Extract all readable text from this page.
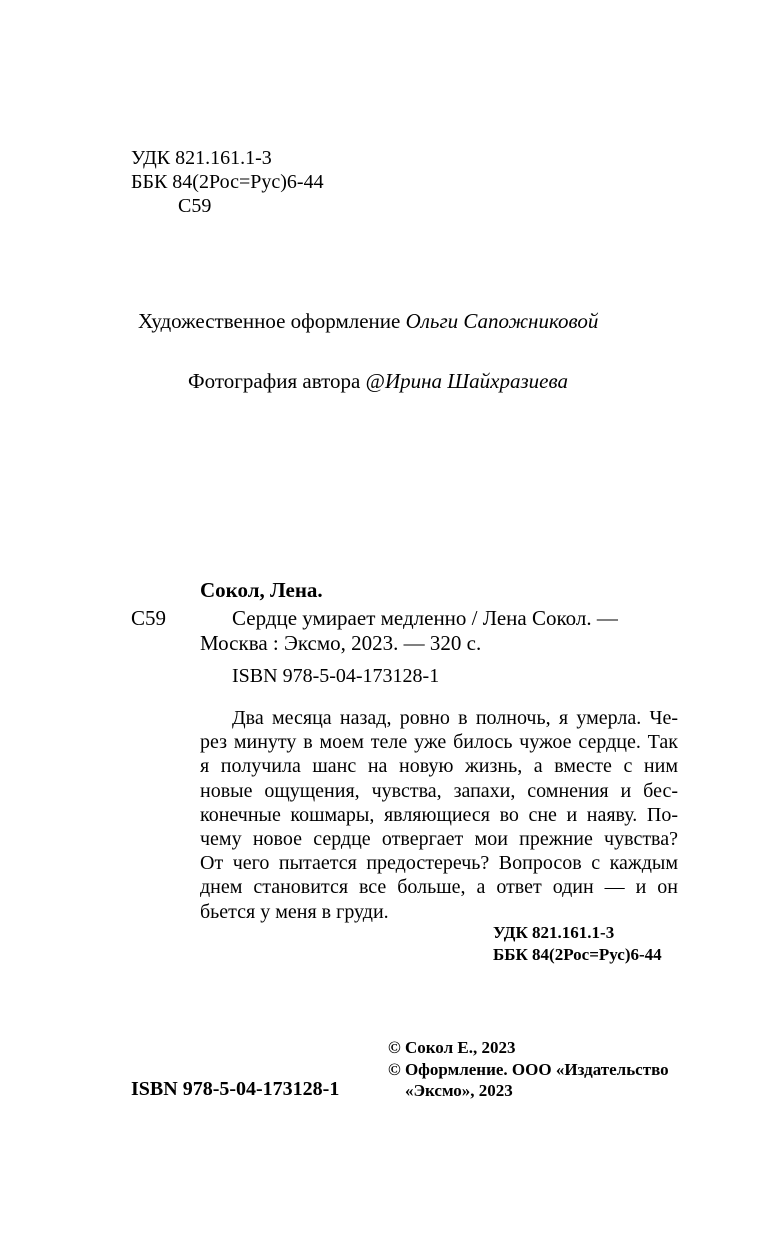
УДК 821.161.1-3
ББК 84(2Рос=Рус)6-44
С59
Художественное оформление Ольги Сапожниковой
Фотография автора @Ирина Шайхразиева
Сокол, Лена.
С59	Сердце умирает медленно / Лена Сокол. —
Москва : Эксмо, 2023. — 320 с.
ISBN 978-5-04-173128-1
Два месяца назад, ровно в полночь, я умерла. Че-
рез минуту в моем теле уже билось чужое сердце. Так
я получила шанс на новую жизнь, а вместе с ним
новые ощущения, чувства, запахи, сомнения и бес-
конечные кошмары, являющиеся во сне и наяву. По-
чему новое сердце отвергает мои прежние чувства?
От чего пытается предостеречь? Вопросов с каждым
днем становится все больше, а ответ один — и он
бьется у меня в груди.
УДК 821.161.1-3
ББК 84(2Рос=Рус)6-44
© Сокол Е., 2023
© Оформление. ООО «Издательство
«Эксмо», 2023
ISBN 978-5-04-173128-1
